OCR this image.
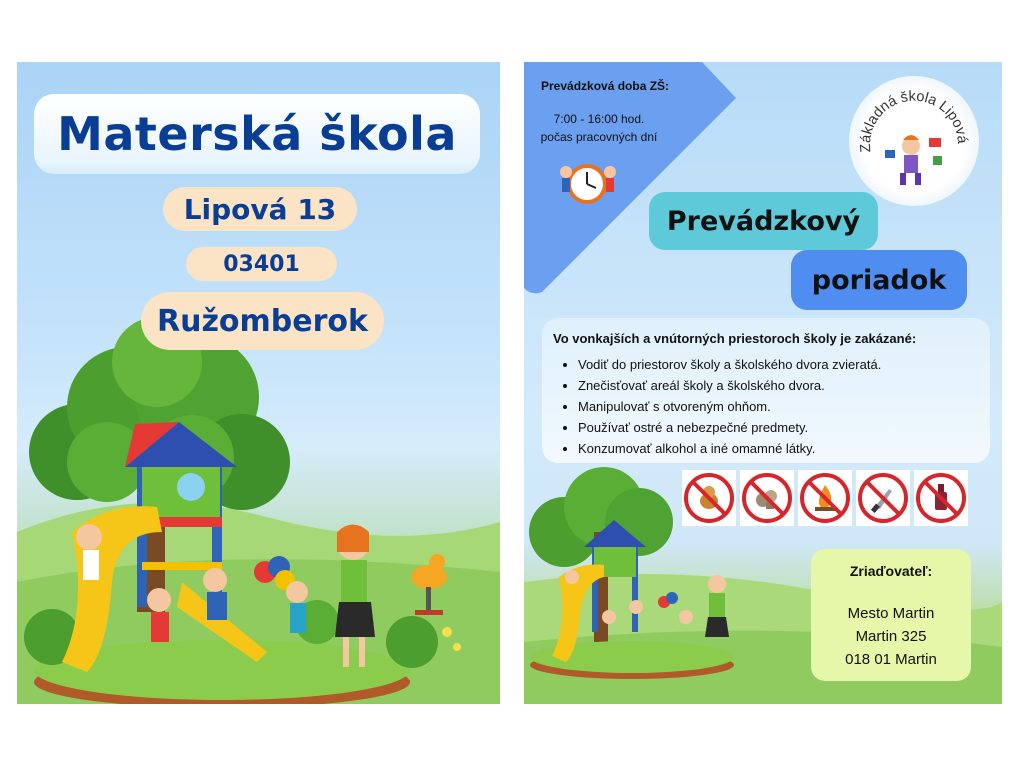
Materská škola
Lipová 13
03401
Ružomberok
Prevádzková doba ZŠ:
7:00 - 16:00 hod.
počas pracovných dní
Základná škola Lipová
Prevádzkový
poriadok
Vo vonkajších a vnútorných priestoroch školy je zakázané:
• Vodiť do priestorov školy a školského dvora zvieratá.
• Znečisťovať areál školy a školského dvora.
• Manipulovať s otvoreným ohňom.
• Používať ostré a nebezpečné predmety.
• Konzumovať alkohol a iné omamné látky.
Zriaďovateľ:
Mesto Martin
Martin 325
018 01 Martin
